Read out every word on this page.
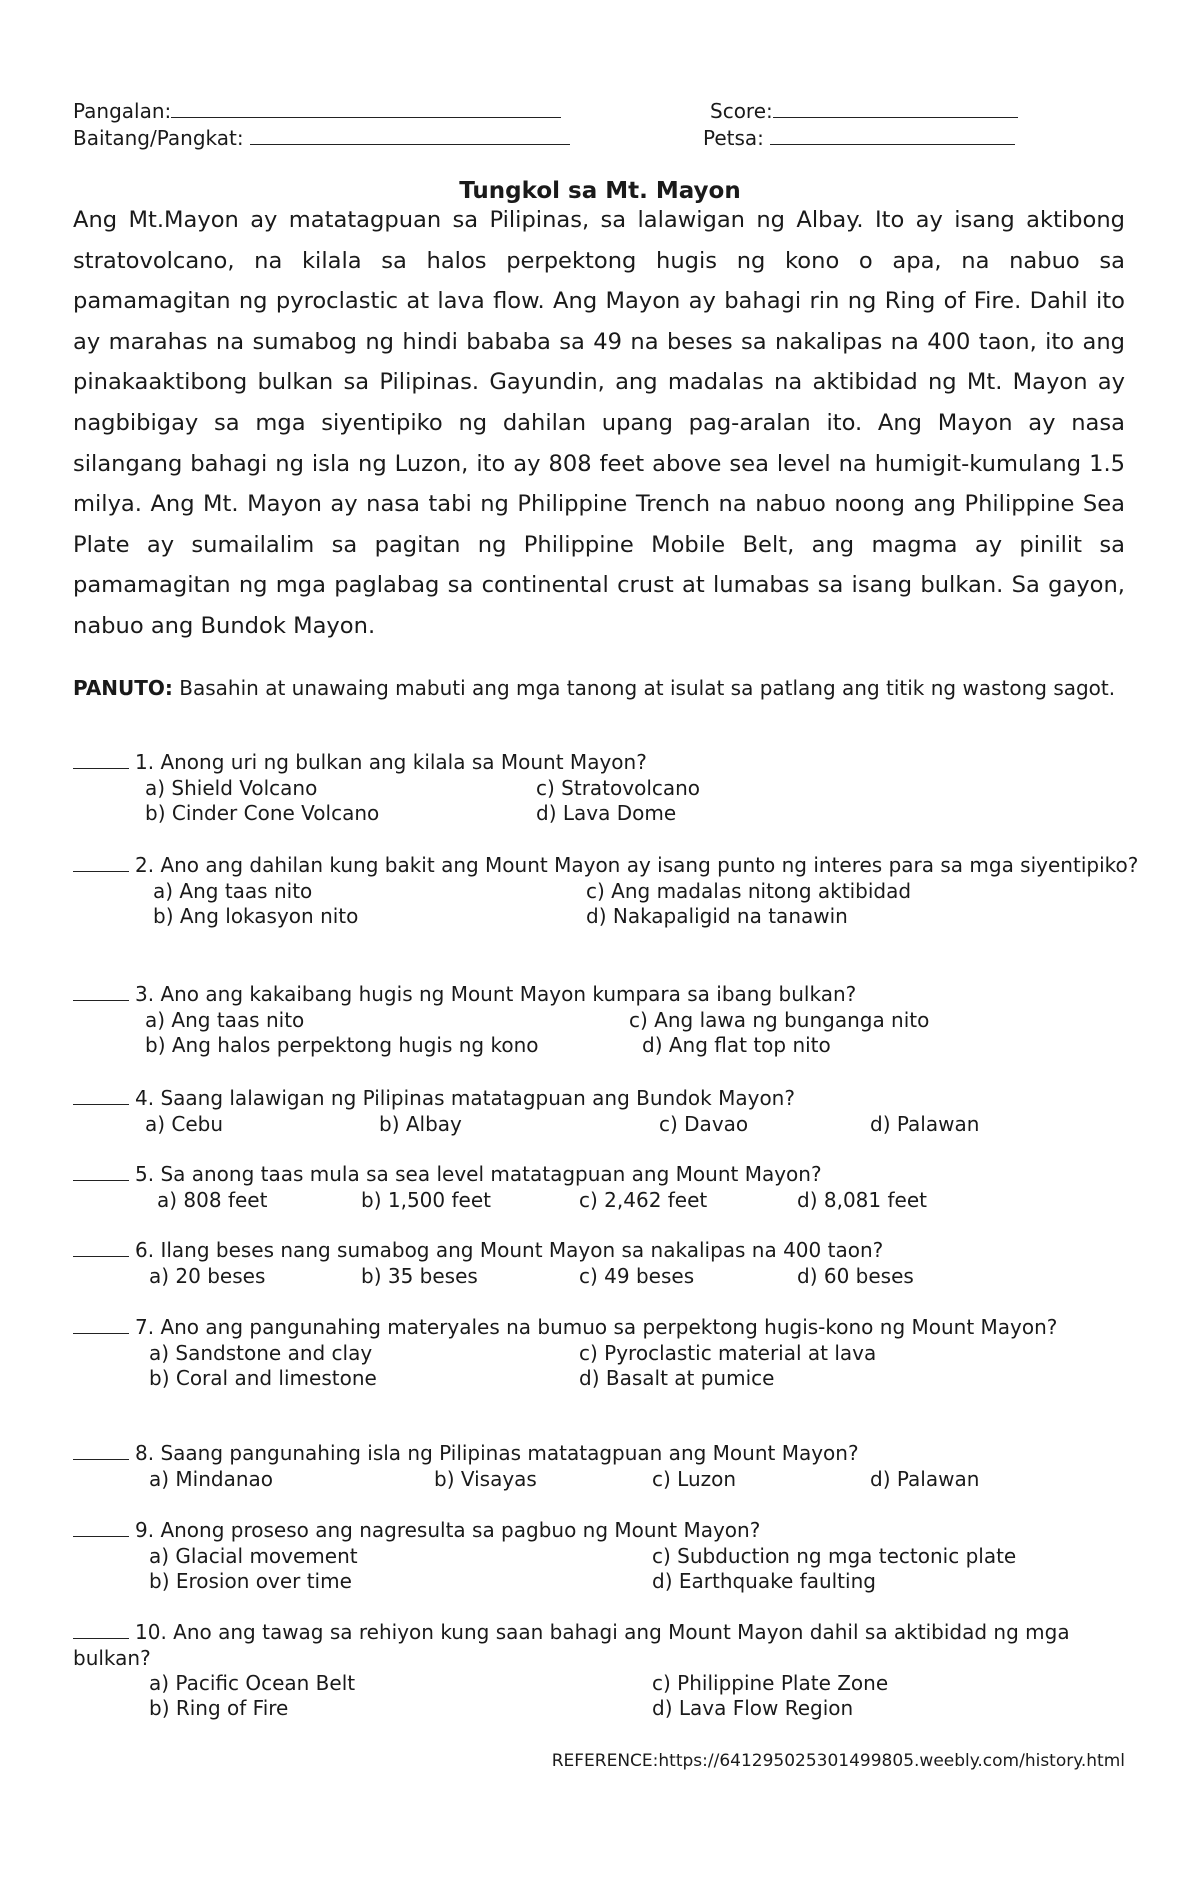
Pangalan:	Score:
Baitang/Pangkat:	Petsa:
Tungkol sa Mt. Mayon
Ang Mt.Mayon ay matatagpuan sa Pilipinas, sa lalawigan ng Albay. Ito ay isang aktibong stratovolcano, na kilala sa halos perpektong hugis ng kono o apa, na nabuo sa pamamagitan ng pyroclastic at lava flow. Ang Mayon ay bahagi rin ng Ring of Fire. Dahil ito ay marahas na sumabog ng hindi bababa sa 49 na beses sa nakalipas na 400 taon, ito ang pinakaaktibong bulkan sa Pilipinas. Gayundin, ang madalas na aktibidad ng Mt. Mayon ay nagbibigay sa mga siyentipiko ng dahilan upang pag-aralan ito. Ang Mayon ay nasa silangang bahagi ng isla ng Luzon, ito ay 808 feet above sea level na humigit-kumulang 1.5 milya. Ang Mt. Mayon ay nasa tabi ng Philippine Trench na nabuo noong ang Philippine Sea Plate ay sumailalim sa pagitan ng Philippine Mobile Belt, ang magma ay pinilit sa pamamagitan ng mga paglabag sa continental crust at lumabas sa isang bulkan. Sa gayon, nabuo ang Bundok Mayon.
PANUTO: Basahin at unawaing mabuti ang mga tanong at isulat sa patlang ang titik ng wastong sagot.
1. Anong uri ng bulkan ang kilala sa Mount Mayon?
a) Shield Volcano	c) Stratovolcano
b) Cinder Cone Volcano	d) Lava Dome
2. Ano ang dahilan kung bakit ang Mount Mayon ay isang punto ng interes para sa mga siyentipiko?
a) Ang taas nito	c) Ang madalas nitong aktibidad
b) Ang lokasyon nito	d) Nakapaligid na tanawin
3. Ano ang kakaibang hugis ng Mount Mayon kumpara sa ibang bulkan?
a) Ang taas nito	c) Ang lawa ng bunganga nito
b) Ang halos perpektong hugis ng kono	d) Ang flat top nito
4. Saang lalawigan ng Pilipinas matatagpuan ang Bundok Mayon?
a) Cebu	b) Albay	c) Davao	d) Palawan
5. Sa anong taas mula sa sea level matatagpuan ang Mount Mayon?
a) 808 feet	b) 1,500 feet	c) 2,462 feet	d) 8,081 feet
6. Ilang beses nang sumabog ang Mount Mayon sa nakalipas na 400 taon?
a) 20 beses	b) 35 beses	c) 49 beses	d) 60 beses
7. Ano ang pangunahing materyales na bumuo sa perpektong hugis-kono ng Mount Mayon?
a) Sandstone and clay	c) Pyroclastic material at lava
b) Coral and limestone	d) Basalt at pumice
8. Saang pangunahing isla ng Pilipinas matatagpuan ang Mount Mayon?
a) Mindanao	b) Visayas	c) Luzon	d) Palawan
9. Anong proseso ang nagresulta sa pagbuo ng Mount Mayon?
a) Glacial movement	c) Subduction ng mga tectonic plate
b) Erosion over time	d) Earthquake faulting
10. Ano ang tawag sa rehiyon kung saan bahagi ang Mount Mayon dahil sa aktibidad ng mga bulkan?
a) Pacific Ocean Belt	c) Philippine Plate Zone
b) Ring of Fire	d) Lava Flow Region
REFERENCE:https://641295025301499805.weebly.com/history.html
